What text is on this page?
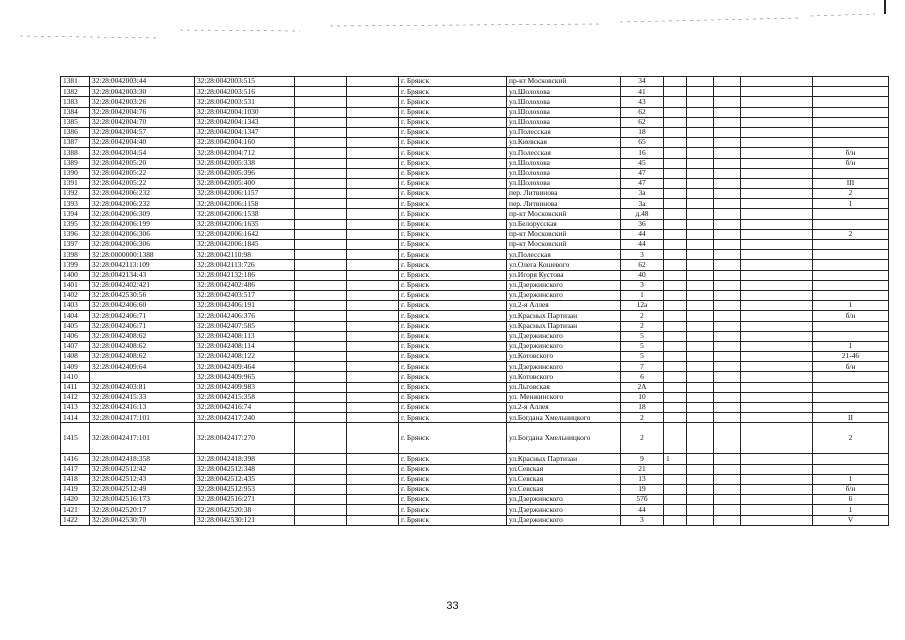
1381	32:28:0042003:44	32:28:0042003:515			г. Брянск	пр-кт Московский	34					
1382	32:28:0042003:30	32:28:0042003:516			г. Брянск	ул.Шолохова	41					
1383	32:28:0042003:26	32:28:0042003:531			г. Брянск	ул.Шолохова	43					
1384	32:28:0042004:76	32:28:0042004:1030			г. Брянск	ул.Шолохова	62					
1385	32:28:0042004:70	32:28:0042004:1343			г. Брянск	ул.Шолохова	62					
1386	32:28:0042004:57	32:28:0042004:1347			г. Брянск	ул.Полесская	18					
1387	32:28:0042004:40	32:28:0042004:160			г. Брянск	ул.Киевская	65					
1388	32:28:0042004:54	32:28:0042004:712			г. Брянск	ул.Полесская	16					б/н
1389	32:28:0042005:20	32:28:0042005:338			г. Брянск	ул.Шолохова	45					б/н
1390	32:28:0042005:22	32:28:0042005:396			г. Брянск	ул.Шолохова	47					
1391	32:28:0042005:22	32:28:0042005:400			г. Брянск	ул.Шолохова	47					III
1392	32:28:0042006:232	32:28:0042006:1157			г. Брянск	пер. Литвинова	3а					2
1393	32:28:0042006:232	32:28:0042006:1158			г. Брянск	пер. Литвинова	3а					1
1394	32:28:0042006:309	32:28:0042006:1538			г. Брянск	пр-кт Московский	д.48					
1395	32:28:0042006:199	32:28:0042006:1635			г. Брянск	ул.Белорусская	36					
1396	32:28:0042006:306	32:28:0042006:1642			г. Брянск	пр-кт Московский	44					2
1397	32:28:0042006:306	32:28:0042006:1845			г. Брянск	пр-кт Московский	44					
1398	32:28:0000000:1388	32:28:0042110:98			г. Брянск	ул.Полесская	3					
1399	32:28:0042113:109	32:28:0042113:726			г. Брянск	ул.Олега Кошевого	62					
1400	32:28:0042134:43	32:28:0042132:186			г. Брянск	ул.Игоря Кустова	40					
1401	32:28:0042402:421	32:28:0042402:486			г. Брянск	ул.Дзержинского	3					
1402	32:28:0042530:56	32:28:0042403:517			г. Брянск	ул.Дзержинского	1					
1403	32:28:0042406:60	32:28:0042406:191			г. Брянск	ул.2-я Аллея	12а					1
1404	32:28:0042406:71	32:28:0042406:376			г. Брянск	ул.Красных Партизан	2					б/н
1405	32:28:0042406:71	32:28:0042407:585			г. Брянск	ул.Красных Партизан	2					
1406	32:28:0042408:62	32:28:0042408:113			г. Брянск	ул.Дзержинского	5					
1407	32:28:0042408:62	32:28:0042408:114			г. Брянск	ул.Дзержинского	5					1
1408	32:28:0042408:62	32:28:0042408:122			г. Брянск	ул.Котовского	5					21-46
1409	32:28:0042409:64	32:28:0042409:464			г. Брянск	ул.Дзержинского	7					б/н
1410		32:28:0042409:965			г. Брянск	ул.Котовского	6					
1411	32:28:0042403:81	32:28:0042409:983			г. Брянск	ул.Льговская	2А					
1412	32:28:0042415:33	32:28:0042415:358			г. Брянск	ул. Менжинского	10					
1413	32:28:0042416:13	32:28:0042416:74			г. Брянск	ул.2-я Аллея	18					
1414	32:28:0042417:101	32:28:0042417:240			г. Брянск	ул.Богдана Хмельницкого	2					II
1415	32:28:0042417:101	32:28:0042417:270			г. Брянск	ул.Богдана Хмельницкого	2					2
1416	32:28:0042418:358	32:28:0042418:398			г. Брянск	ул.Красных Партизан	9	1				
1417	32:28:0042512:42	32:28:0042512:348			г. Брянск	ул.Севская	21					
1418	32:28:0042512:43	32:28:0042512:435			г. Брянск	ул.Севская	13					1
1419	32:28:0042512:49	32:28:0042512:953			г. Брянск	ул.Севская	19					б/н
1420	32:28:0042516:173	32:28:0042516:271			г. Брянск	ул.Дзержинского	57б					6
1421	32:28:0042520:17	32:28:0042520:38			г. Брянск	ул.Дзержинского	44					1
1422	32:28:0042530:70	32:28:0042530:121			г. Брянск	ул.Дзержинского	3					V
33
